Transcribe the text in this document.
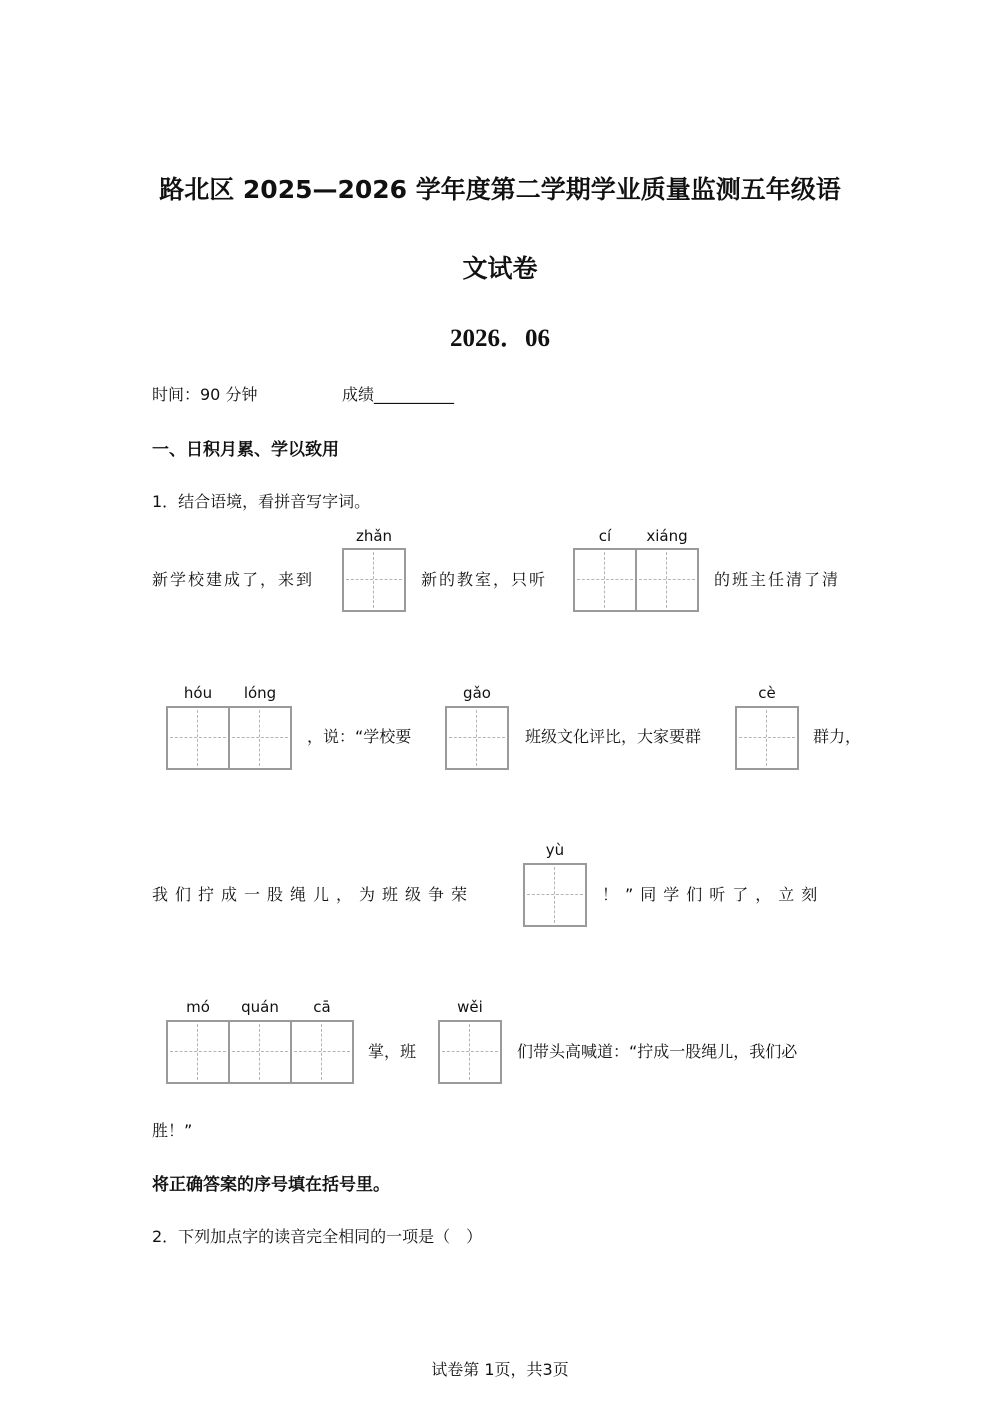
路北区 2025—2026 学年度第二学期学业质量监测五年级语
文试卷
2026．06
时间：90 分钟	成绩__________
一、日积月累、学以致用
1．结合语境，看拼音写字词。
新学校建成了，来到
zhǎn
新的教室，只听
cí	xiáng
的班主任清了清
hóu	lóng
，说：“学校要
gǎo
班级文化评比，大家要群
cè
群力，
我们拧成一股绳儿，为班级争荣
yù
！”同学们听了，立刻
mó	quán	cā
掌，班
wěi
们带头高喊道：“拧成一股绳儿，我们必
胜！”
将正确答案的序号填在括号里。
2．下列加点字的读音完全相同的一项是（　）
试卷第 1页，共3页
